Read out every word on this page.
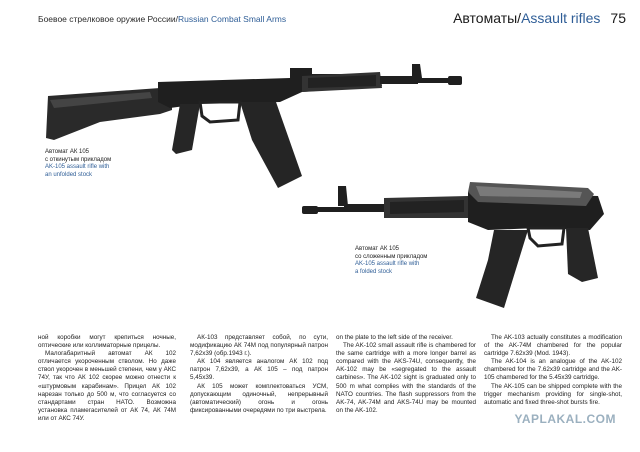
Боевое стрелковое оружие России/Russian Combat Small Arms	Автоматы/Assault rifles 75
Автомат АК 105
с откинутым прикладом
AK-105 assault rifle with
an unfolded stock
Автомат АК 105
со сложенным прикладом
AK-105 assault rifle with
a folded stock

ной коробки могут крепиться ночные, оптические или коллиматорные прицелы.

Малогабаритный автомат АК 102 отличается укороченным стволом. Но даже ствол укорочен в меньшей степени, чем у АКС 74У, так что АК 102 скорее можно отнести к «штурмовым карабинам». Прицел АК 102 нарезан только до 500 м, что согласуется со стандартами стран НАТО. Возможна установка пламегасителей от АК 74, АК 74М или от АКС 74У.

АК-103 представляет собой, по сути, модификацию АК 74М под популярный патрон 7,62х39 (обр.1943 г.).

АК 104 является аналогом АК 102 под патрон 7,62х39, а АК 105 – под патрон 5,45х39.

АК 105 может комплектоваться УСМ, допускающим одиночный, непрерывный (автоматический) огонь и огонь фиксированными очередями по три выстрела.

on the plate to the left side of the receiver.

The AK-102 small assault rifle is chambered for the same cartridge with a more longer barrel as compared with the AKS-74U, consequently, the AK-102 may be «segregated to the assault carbines». The AK-102 sight is graduated only to 500 m what complies with the standards of the NATO countries. The flash suppressors from the AK-74, AK-74M and AKS-74U may be mounted on the AK-102.

The AK-103 actually constitutes a modification of the AK-74M chambered for the popular cartridge 7.62x39 (Mod. 1943).

The AK-104 is an analogue of the AK-102 chambered for the 7.62x39 cartridge and the AK-105 chambered for the 5.45x39 cartridge.

The AK-105 can be shipped complete with the trigger mechanism providing for single-shot, automatic and fixed three-shot bursts fire.

YAPLAKAL.COM
